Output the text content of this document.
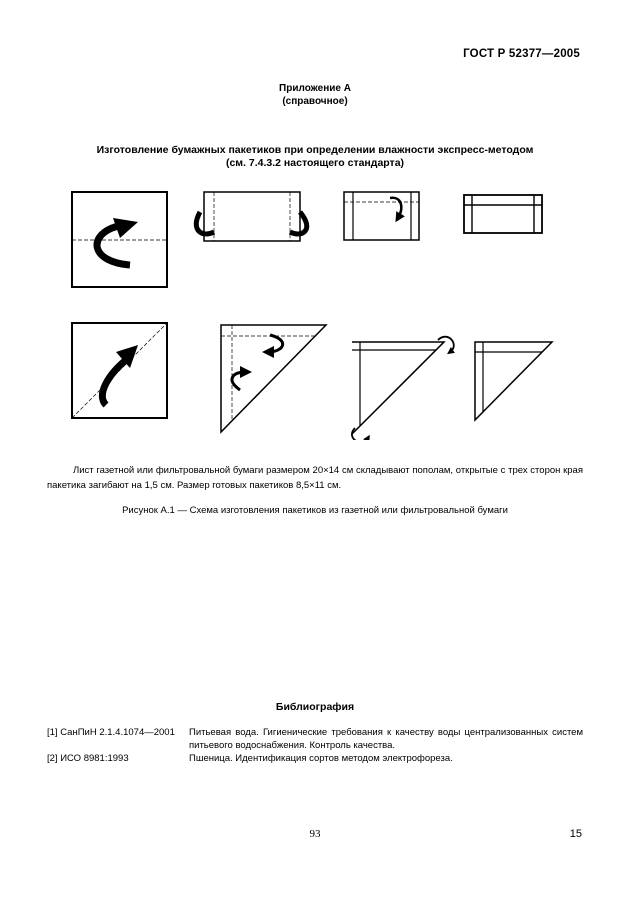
ГОСТ Р 52377—2005
Приложение А
(справочное)
Изготовление бумажных пакетиков при определении влажности экспресс-методом
(см. 7.4.3.2 настоящего стандарта)
Лист газетной или фильтровальной бумаги размером 20×14 см складывают пополам, открытые с трех сторон края пакетика загибают на 1,5 см. Размер готовых пакетиков 8,5×11 см.
Рисунок А.1 — Схема изготовления пакетиков из газетной или фильтровальной бумаги
Библиография
[1] СанПиН 2.1.4.1074—2001 Питьевая вода. Гигиенические требования к качеству воды централизованных систем питьевого водоснабжения. Контроль качества.
[2] ИСО 8981:1993	Пшеница. Идентификация сортов методом электрофореза.
93	15
